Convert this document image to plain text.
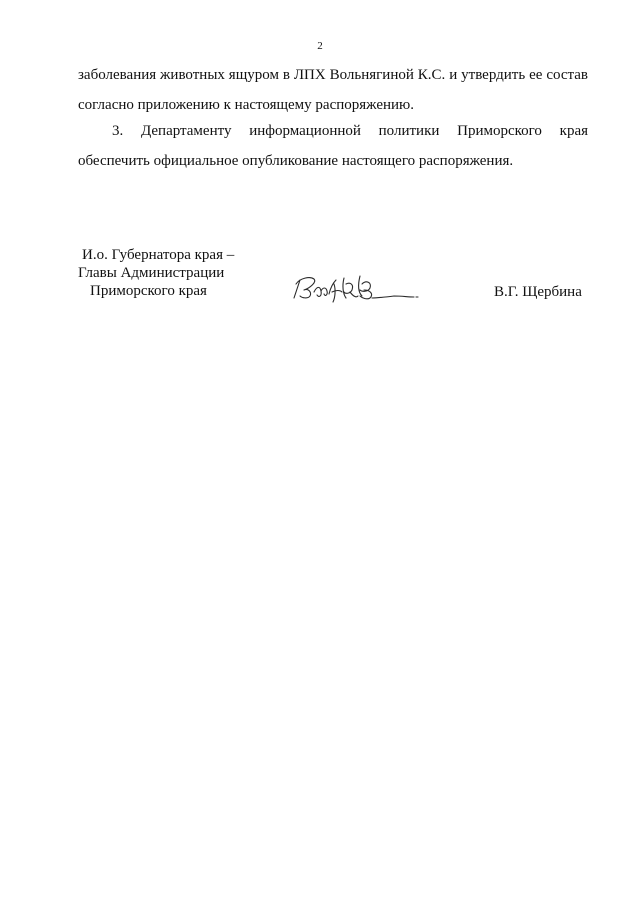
2
заболевания животных ящуром в ЛПХ Вольнягиной К.С. и утвердить ее состав
согласно приложению к настоящему распоряжению.
3. Департаменту информационной политики Приморского края
обеспечить официальное опубликование настоящего распоряжения.
И.о. Губернатора края –
Главы Администрации
Приморского края	В.Г. Щербина
